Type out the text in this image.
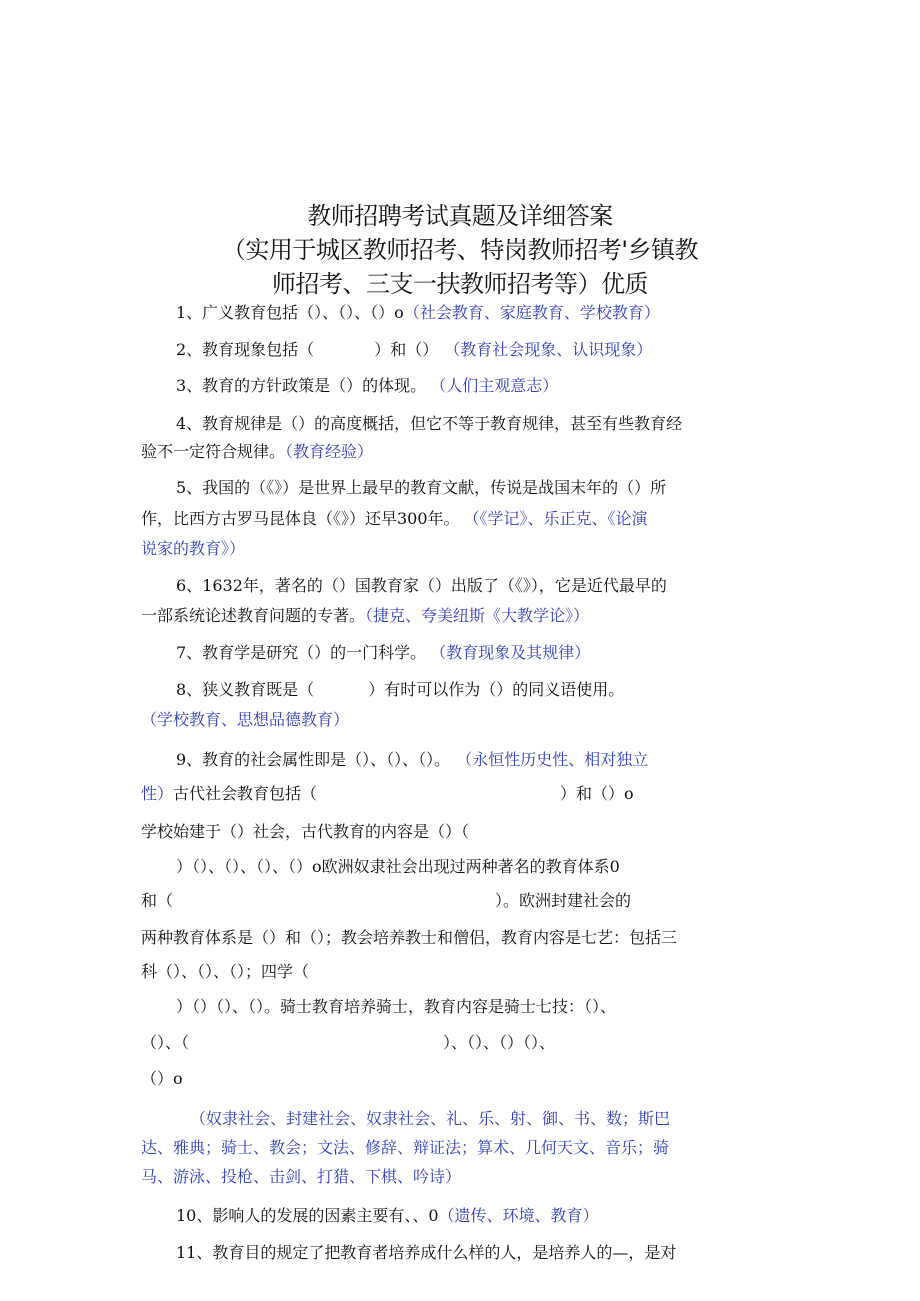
教师招聘考试真题及详细答案
（实用于城区教师招考、特岗教师招考'乡镇教
师招考、三支一扶教师招考等）优质
1、广义教育包括（）、（）、（）o（社会教育、家庭教育、学校教育）
2、教育现象包括（	）和（） （教育社会现象、认识现象）
3、教育的方针政策是（）的体现。 （人们主观意志）
4、教育规律是（）的高度概括，但它不等于教育规律，甚至有些教育经
验不一定符合规律。（教育经验）
5、我国的（《》）是世界上最早的教育文献，传说是战国末年的（）所
作，比西方古罗马昆体良（《》）还早300年。 （《学记》、乐正克、《论演
说家的教育》）
6、1632年，著名的（）国教育家（）出版了（《》），它是近代最早的
一部系统论述教育问题的专著。（捷克、夸美纽斯《大教学论》）
7、教育学是研究（）的一门科学。 （教育现象及其规律）
8、狭义教育既是（	）有时可以作为（）的同义语使用。
（学校教育、思想品德教育）
9、教育的社会属性即是（）、（）、（）。 （永恒性历史性、相对独立
性）古代社会教育包括（	）和（）o
学校始建于（）社会，古代教育的内容是（）（
）（）、（）、（）、（）o欧洲奴隶社会出现过两种著名的教育体系0
和（	）。欧洲封建社会的
两种教育体系是（）和（）；教会培养教士和僧侣，教育内容是七艺：包括三
科（）、（）、（）；四学（
）（）（）、（）。骑士教育培养骑士，教育内容是骑士七技：（）、
（）、（	）、（）、（）（）、
（）o
（奴隶社会、封建社会、奴隶社会、礼、乐、射、御、书、数；斯巴
达、雅典；骑士、教会；文法、修辞、辩证法；算术、几何天文、音乐；骑
马、游泳、投枪、击剑、打猎、下棋、吟诗）
10、影响人的发展的因素主要有、、0（遗传、环境、教育）
11、教育目的规定了把教育者培养成什么样的人，是培养人的—，是对
